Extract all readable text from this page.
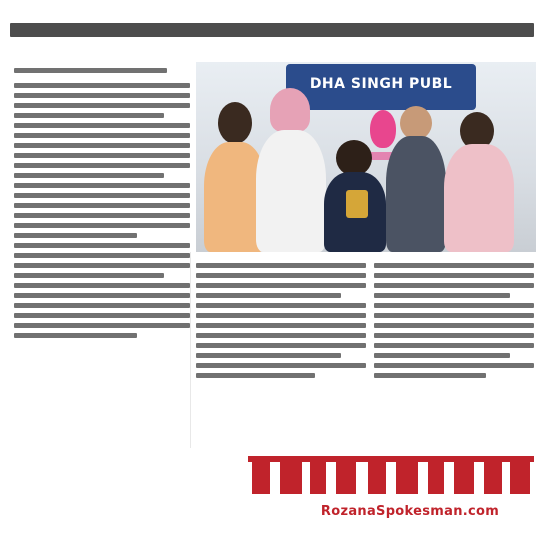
DHA SINGH PUBL
RozanaSpokesman.com
